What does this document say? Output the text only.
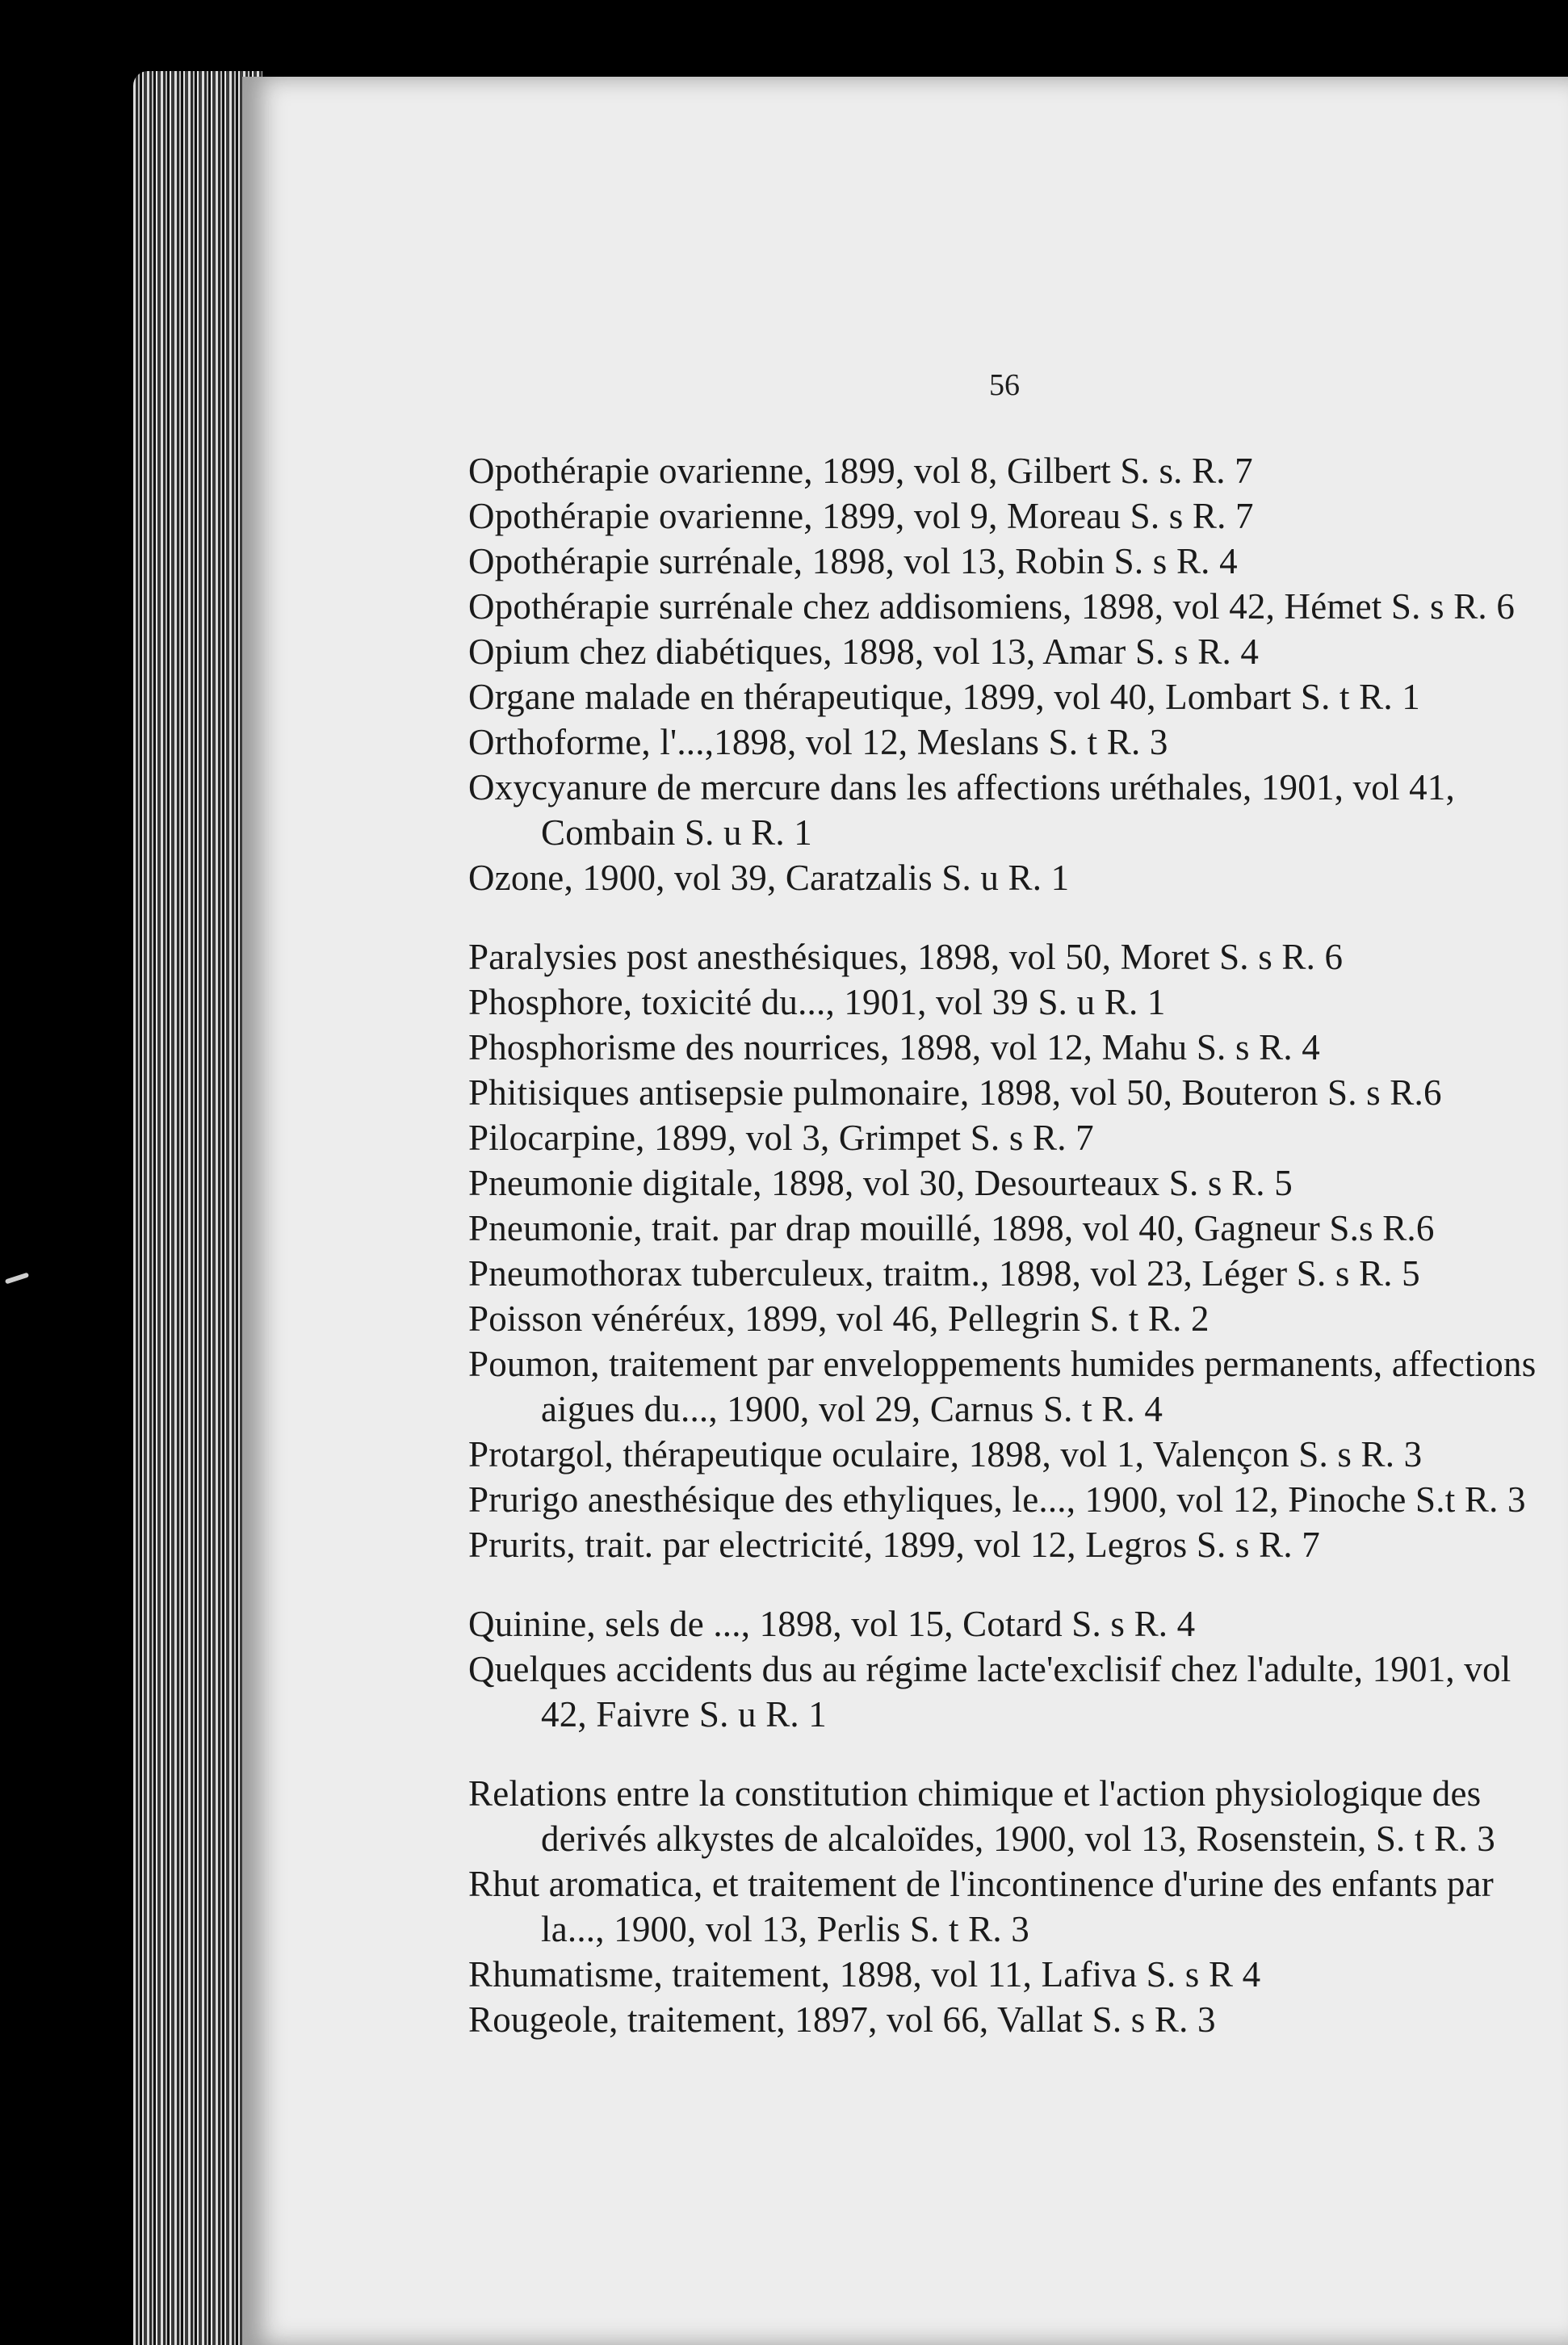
56

Opothérapie ovarienne, 1899, vol 8, Gilbert S. s. R. 7

Opothérapie ovarienne, 1899, vol 9, Moreau S. s R. 7

Opothérapie surrénale, 1898, vol 13, Robin S. s R. 4

Opothérapie surrénale chez addisomiens, 1898, vol 42, Hémet S. s R. 6

Opium chez diabétiques, 1898, vol 13, Amar S. s R. 4

Organe malade en thérapeutique, 1899, vol 40, Lombart S. t R. 1

Orthoforme, l'...,1898, vol 12, Meslans S. t R. 3

Oxycyanure de mercure dans les affections uréthales, 1901, vol 41, Combain S. u R. 1

Ozone, 1900, vol 39, Caratzalis S. u R. 1

Paralysies post anesthésiques, 1898, vol 50, Moret S. s R. 6

Phosphore, toxicité du..., 1901, vol 39 S. u R. 1

Phosphorisme des nourrices, 1898, vol 12, Mahu S. s R. 4

Phitisiques antisepsie pulmonaire, 1898, vol 50, Bouteron S. s R.6

Pilocarpine, 1899, vol 3, Grimpet S. s R. 7

Pneumonie digitale, 1898, vol 30, Desourteaux S. s R. 5

Pneumonie, trait. par drap mouillé, 1898, vol 40, Gagneur S.s R.6

Pneumothorax tuberculeux, traitm., 1898, vol 23, Léger S. s R. 5

Poisson vénéréux, 1899, vol 46, Pellegrin S. t R. 2

Poumon, traitement par enveloppements humides permanents, affections aigues du..., 1900, vol 29, Carnus S. t R. 4

Protargol, thérapeutique oculaire, 1898, vol 1, Valençon S. s R. 3

Prurigo anesthésique des ethyliques, le..., 1900, vol 12, Pinoche S.t R. 3

Prurits, trait. par electricité, 1899, vol 12, Legros S. s R. 7

Quinine, sels de ..., 1898, vol 15, Cotard S. s R. 4

Quelques accidents dus au régime lacte'exclisif chez l'adulte, 1901, vol 42, Faivre S. u R. 1

Relations entre la constitution chimique et l'action physiologique des derivés alkystes de alcaloïdes, 1900, vol 13, Rosenstein, S. t R. 3

Rhut aromatica, et traitement de l'incontinence d'urine des enfants par la..., 1900, vol 13, Perlis S. t R. 3

Rhumatisme, traitement, 1898, vol 11, Lafiva S. s R 4

Rougeole, traitement, 1897, vol 66, Vallat S. s R. 3
